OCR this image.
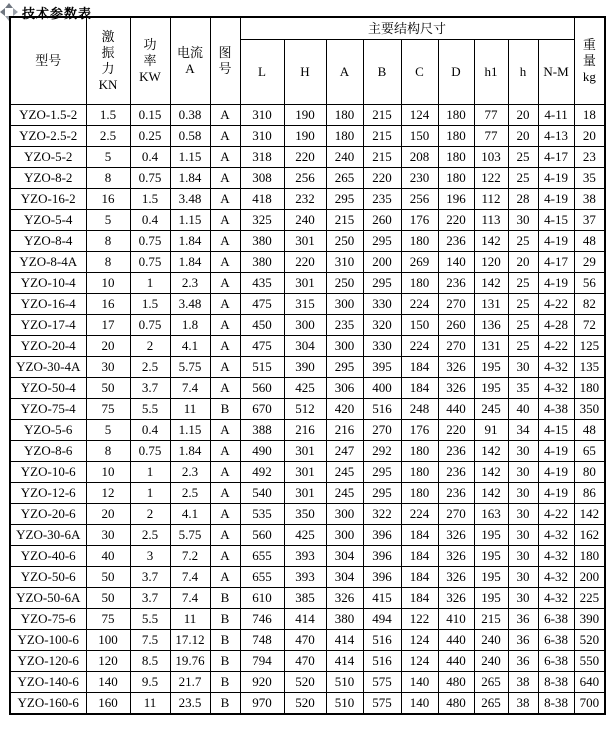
技术参数表
型号	激
振
力
KN	功
率
KW	电流
A	图
号	主要结构尺寸									重
量
kg
					L	H	A	B	C	D	h1	h	N-M	
YZO-1.5-2	1.5	0.15	0.38	A	310	190	180	215	124	180	77	20	4-11	18
YZO-2.5-2	2.5	0.25	0.58	A	310	190	180	215	150	180	77	20	4-13	20
YZO-5-2	5	0.4	1.15	A	318	220	240	215	208	180	103	25	4-17	23
YZO-8-2	8	0.75	1.84	A	308	256	265	220	230	180	122	25	4-19	35
YZO-16-2	16	1.5	3.48	A	418	232	295	235	256	196	112	28	4-19	38
YZO-5-4	5	0.4	1.15	A	325	240	215	260	176	220	113	30	4-15	37
YZO-8-4	8	0.75	1.84	A	380	301	250	295	180	236	142	25	4-19	48
YZO-8-4A	8	0.75	1.84	A	380	220	310	200	269	140	120	20	4-17	29
YZO-10-4	10	1	2.3	A	435	301	250	295	180	236	142	25	4-19	56
YZO-16-4	16	1.5	3.48	A	475	315	300	330	224	270	131	25	4-22	82
YZO-17-4	17	0.75	1.8	A	450	300	235	320	150	260	136	25	4-28	72
YZO-20-4	20	2	4.1	A	475	304	300	330	224	270	131	25	4-22	125
YZO-30-4A	30	2.5	5.75	A	515	390	295	395	184	326	195	30	4-32	135
YZO-50-4	50	3.7	7.4	A	560	425	306	400	184	326	195	35	4-32	180
YZO-75-4	75	5.5	11	B	670	512	420	516	248	440	245	40	4-38	350
YZO-5-6	5	0.4	1.15	A	388	216	216	270	176	220	91	34	4-15	48
YZO-8-6	8	0.75	1.84	A	490	301	247	292	180	236	142	30	4-19	65
YZO-10-6	10	1	2.3	A	492	301	245	295	180	236	142	30	4-19	80
YZO-12-6	12	1	2.5	A	540	301	245	295	180	236	142	30	4-19	86
YZO-20-6	20	2	4.1	A	535	350	300	322	224	270	163	30	4-22	142
YZO-30-6A	30	2.5	5.75	A	560	425	300	396	184	326	195	30	4-32	162
YZO-40-6	40	3	7.2	A	655	393	304	396	184	326	195	30	4-32	180
YZO-50-6	50	3.7	7.4	A	655	393	304	396	184	326	195	30	4-32	200
YZO-50-6A	50	3.7	7.4	B	610	385	326	415	184	326	195	30	4-32	225
YZO-75-6	75	5.5	11	B	746	414	380	494	122	410	215	36	6-38	390
YZO-100-6	100	7.5	17.12	B	748	470	414	516	124	440	240	36	6-38	520
YZO-120-6	120	8.5	19.76	B	794	470	414	516	124	440	240	36	6-38	550
YZO-140-6	140	9.5	21.7	B	920	520	510	575	140	480	265	38	8-38	640
YZO-160-6	160	11	23.5	B	970	520	510	575	140	480	265	38	8-38	700
